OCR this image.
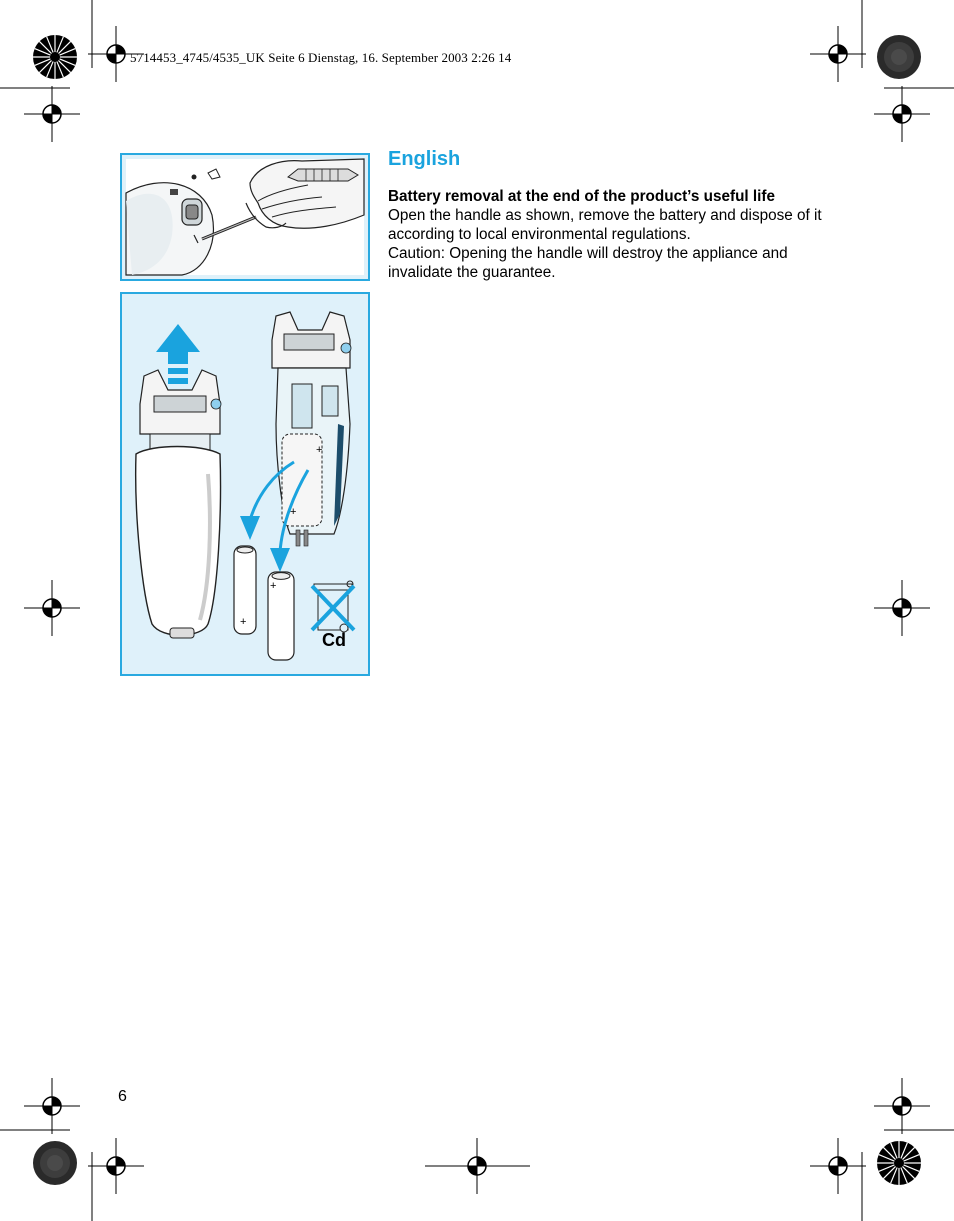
5714453_4745/4535_UK Seite 6 Dienstag, 16. September 2003 2:26 14
+
+
+
+
Cd
English

Battery removal at the end of the product’s useful life

Open the handle as shown, remove the battery and dispose of it according to local environmental regulations.

Caution: Opening the handle will destroy the appliance and invalidate the guarantee.

6
